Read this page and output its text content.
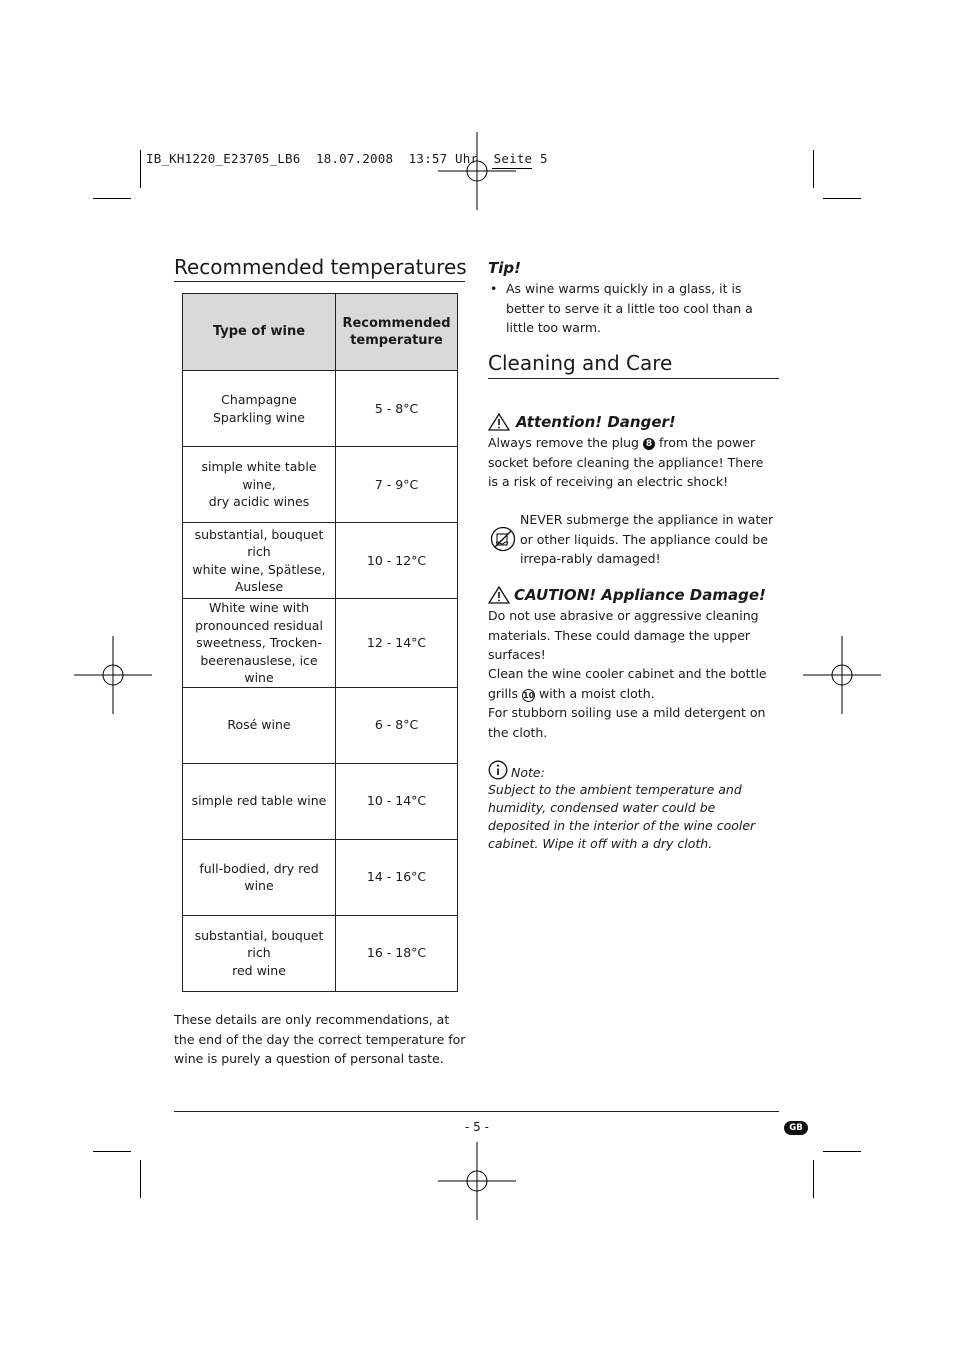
IB_KH1220_E23705_LB6  18.07.2008  13:57 Uhr  Seite 5
Recommended temperatures
Type of wine	Recommended
temperature
Champagne
Sparkling wine	5 - 8°C
simple white table wine,
dry acidic wines	7 - 9°C
substantial, bouquet rich
white wine, Spätlese,
Auslese	10 - 12°C
White wine with
pronounced residual
sweetness, Trocken-
beerenauslese, ice wine	12 - 14°C
Rosé wine	6 - 8°C
simple red table wine	10 - 14°C
full-bodied, dry red wine	14 - 16°C
substantial, bouquet rich
red wine	16 - 18°C
These details are only recommendations, at the end of the day the correct temperature for wine is purely a question of personal taste.
Tip!
• As wine warms quickly in a glass, it is better to serve it a little too cool than a little too warm.
Cleaning and Care
Attention! Danger!
Always remove the plug 8 from the power socket before cleaning the appliance! There is a risk of receiving an electric shock!
NEVER submerge the appliance in water or other liquids. The appliance could be irrepa-rably damaged!
CAUTION! Appliance Damage!
Do not use abrasive or aggressive cleaning materials. These could damage the upper surfaces!
Clean the wine cooler cabinet and the bottle grills 10 with a moist cloth.
For stubborn soiling use a mild detergent on the cloth.
Note:
Subject to the ambient temperature and humidity, condensed water could be deposited in the interior of the wine cooler cabinet. Wipe it off with a dry cloth.
- 5 -	GB
